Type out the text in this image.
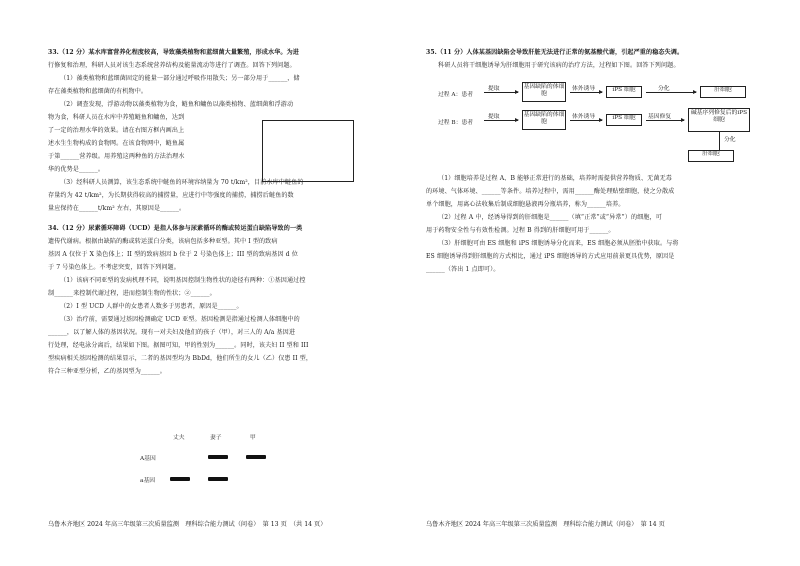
33.（12 分）某水库富营养化程度较高，导致藻类植物和蓝细菌大量繁殖，形成水华。为进

行修复和治理，科研人员对该生态系统营养结构及能量流动等进行了调查。回答下列问题。

（1）藻类植物和蓝细菌固定的能量一部分通过呼吸作用散失；另一部分用于______，储

存在藻类植物和蓝细菌的有机物中。

（2）调查发现，浮游动物以藻类植物为食，鲢鱼和鳙鱼以藻类植物、蓝细菌和浮游动

物为食，科研人员在水库中养殖鲢鱼和鳙鱼，达到

了一定的治理水华的效果。请在右图方框内画出上

述水生生物构成的食物网。在该食物网中，鲢鱼属

于第______营养级。用养殖这两种鱼的方法治理水

华的优势是______。

（3）经科研人员测算，该生态系统中鲢鱼的环境容纳量为 70 t/km²，目前水库中鲢鱼的

存量约为 42 t/km²，为长期获得较高的捕捞量，应进行中等强度的捕捞，捕捞后鲢鱼的数

量应保持在______t/km² 左右，其原因是______。

34.（12 分）尿素循环障碍（UCD）是指人体参与尿素循环的酶或转运蛋白缺陷导致的一类

遗传代谢病。根据由缺陷的酶或转运蛋白分类，该病包括多种亚型。其中 I 型的致病

基因 A 仅位于 X 染色体上；II 型的致病基因 b 位于 2 号染色体上；III 型的致病基因 d 位

于 7 号染色体上。不考虑突变，回答下列问题。

（1）该病不同亚型的发病机理不同，说明基因控制生物性状的途径有两种：①基因通过控

制______来控制代谢过程，进而控制生物的性状；②______。

（2）I 型 UCD 人群中的女患者人数多于男患者，原因是______。

（3）治疗前，需要通过基因检测确定 UCD 亚型。基因检测是指通过检测人体细胞中的

______，以了解人体的基因状况。现有一对夫妇及他们的孩子（甲），对三人的 A/a 基因进

行处理，经电泳分离后，结果如下图。据图可知，甲的性别为______。同时，该夫妇 II 型和 III

型疾病相关基因检测的结果显示，二者的基因型均为 BbDd，他们所生的女儿（乙）仅患 II 型，

符合三种亚型分析，乙的基因型为______。

丈夫	妻子	甲
A基因
a基因
乌鲁木齐地区 2024 年高三年级第三次质量监测　理科综合能力测试（问卷）　第 13 页　（共 14 页）

35.（11 分）人体某基因缺陷会导致肝脏无法进行正常的氨基酸代谢，引起严重的稳态失调。

科研人员将干细胞诱导为肝细胞用于研究该病的治疗方法，过程如下图。回答下列问题。

过程 A：患者
提取	基因缺陷的体细胞
体外诱导	iPS 细胞	分化	肝细胞
过程 B：患者
提取	基因缺陷的体细胞
体外诱导	iPS 细胞	基因修复
碱基序列修复后的iPS细胞
分化
肝细胞

（1）细胞培养是过程 A、B 能够正常进行的基础，培养时需提供营养物质、无菌无毒

的环境、气体环境、______等条件。培养过程中，需用______酶处理贴壁细胞，使之分散成

单个细胞，用离心法收集后制成细胞悬液再分瓶培养，称为______培养。

（2）过程 A 中，经诱导得到的肝细胞是______（填“正常”或“异常”）的细胞，可

用于药物安全性与有效性检测。过程 B 得到的肝细胞可用于______。

（3）肝细胞可由 ES 细胞和 iPS 细胞诱导分化而来，ES 细胞必须从胚胎中获取。与将

ES 细胞诱导得到肝细胞的方式相比，通过 iPS 细胞诱导的方式应用前景更具优势，原因是

______（答出 1 点即可）。

乌鲁木齐地区 2024 年高三年级第三次质量监测　理科综合能力测试（问卷）　第 14 页
